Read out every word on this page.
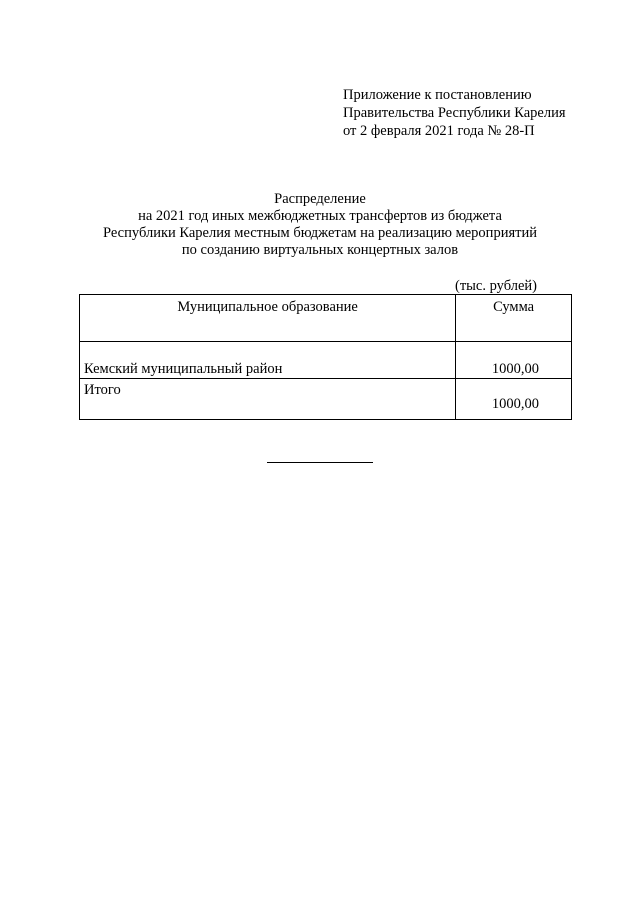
Приложение к постановлению
Правительства Республики Карелия
от 2 февраля 2021 года № 28-П
Распределение
на 2021 год иных межбюджетных трансфертов из бюджета
Республики Карелия местным бюджетам на реализацию мероприятий
по созданию виртуальных концертных залов
(тыс. рублей)
Муниципальное образование	Сумма
Кемский муниципальный район	1000,00
Итого	1000,00
